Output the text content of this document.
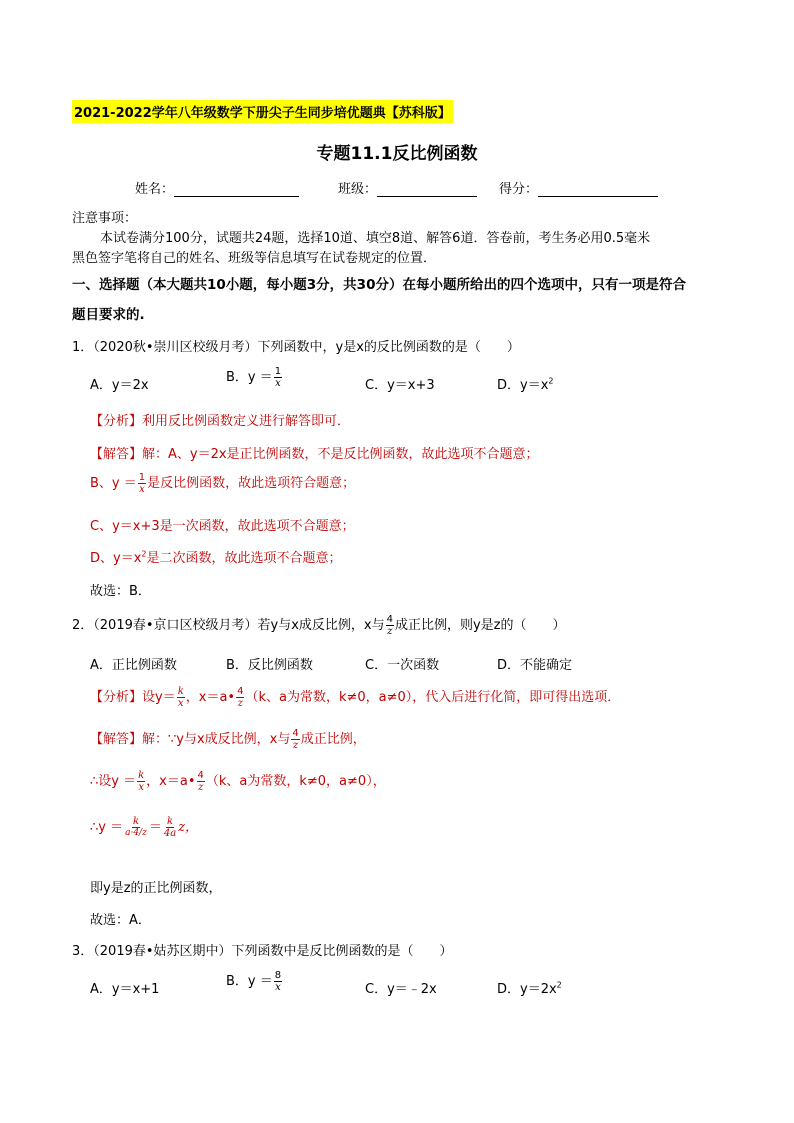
2021-2022学年八年级数学下册尖子生同步培优题典【苏科版】
专题11.1反比例函数
姓名：	班级：	得分：
注意事项：
本试卷满分100分，试题共24题，选择10道、填空8道、解答6道．答卷前，考生务必用0.5毫米
黑色签字笔将自己的姓名、班级等信息填写在试卷规定的位置．
一、选择题（本大题共10小题，每小题3分，共30分）在每小题所给出的四个选项中，只有一项是符合
题目要求的.
1．（2020秋•崇川区校级月考）下列函数中，y是x的反比例函数的是（　　）
A．y＝2x
B．$y = \frac{1}{x}$	C．y＝x+3	D．$y=x^2$
【分析】利用反比例函数定义进行解答即可．
【解答】解：A、y＝2x是正比例函数，不是反比例函数，故此选项不合题意；
B、$y = \frac{1}{x}$ 是反比例函数，故此选项符合题意；
C、y＝x+3是一次函数，故此选项不合题意；
D、$y=x^2$是二次函数，故此选项不合题意；
故选：B．
2．（2019春•京口区校级月考）若y与x成反比例，x与 $\frac{4}{z}$ 成正比例，则y是z的（　　）
A．正比例函数	B．反比例函数	C．一次函数	D．不能确定
【分析】设$y= \frac{k}{x}$ ，x＝a• $\frac{4}{z} (k$、a为常数，k≠0，a≠0），代入后进行化简，即可得出选项．
【解答】解：∵y与x成反比例，x与 $\frac{4}{z}$ 成正比例，
∴设$y = \frac{k}{x}$ ，x＝a• $\frac{4}{z} (k$、a为常数，k≠0，a≠0），
∴y ＝ $\frac{k}{a\cdot 4/z} = \frac{k}{4a}$ z，
即y是z的正比例函数，
故选：A．
3．（2019春•姑苏区期中）下列函数中是反比例函数的是（　　）
A．y＝x+1
B．$y = \frac{8}{x}$	C．y＝﹣2x	D．$y=2x^2$
